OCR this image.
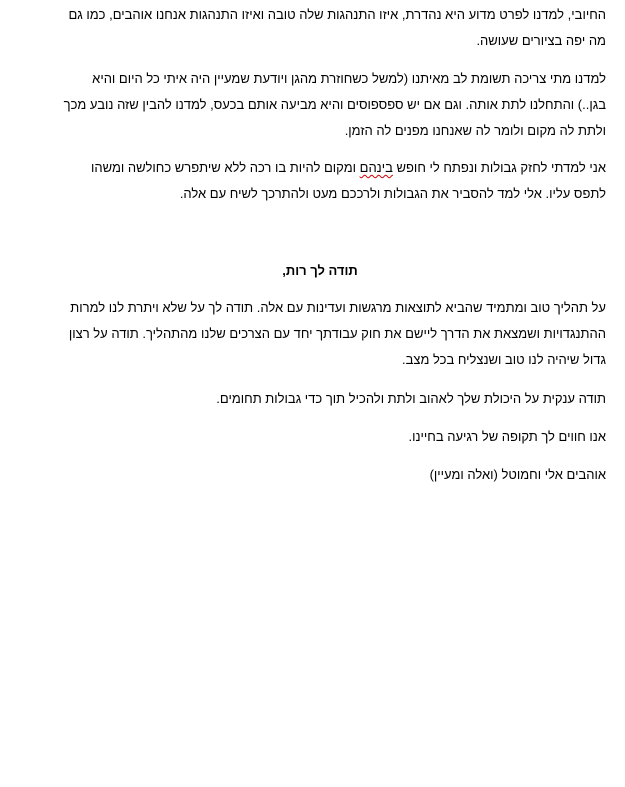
החיובי, למדנו לפרט מדוע היא נהדרת, איזו התנהגות שלה טובה ואיזו התנהגות אנחנו אוהבים, כמו גם
מה יפה בציורים שעושה.

למדנו מתי צריכה תשומת לב מאיתנו (למשל כשחוזרת מהגן ויודעת שמעיין היה איתי כל היום והיא
בגן..) והתחלנו לתת אותה. וגם אם יש ספספוסים והיא מביעה אותם בכעס, למדנו להבין שזה נובע מכך
ולתת לה מקום ולומר לה שאנחנו מפנים לה הזמן.

אני למדתי לחזק גבולות ונפתח לי חופש בינהם ומקום להיות בו רכה ללא שיתפרש כחולשה ומשהו
לתפס עליו. אלי למד להסביר את הגבולות ולרככם מעט ולהתרכך לשיח עם אלה.

תודה לך רות,

על תהליך טוב ומתמיד שהביא לתוצאות מרגשות ועדינות עם אלה. תודה לך על שלא ויתרת לנו למרות
ההתנגדויות ושמצאת את הדרך ליישם את חוק עבודתך יחד עם הצרכים שלנו מהתהליך. תודה על רצון
גדול שיהיה לנו טוב ושנצליח בכל מצב.

תודה ענקית על היכולת שלך לאהוב ולתת ולהכיל תוך כדי גבולות תחומים.

אנו חווים לך תקופה של רגיעה בחיינו.

אוהבים אלי וחמוטל (ואלה ומעיין)
